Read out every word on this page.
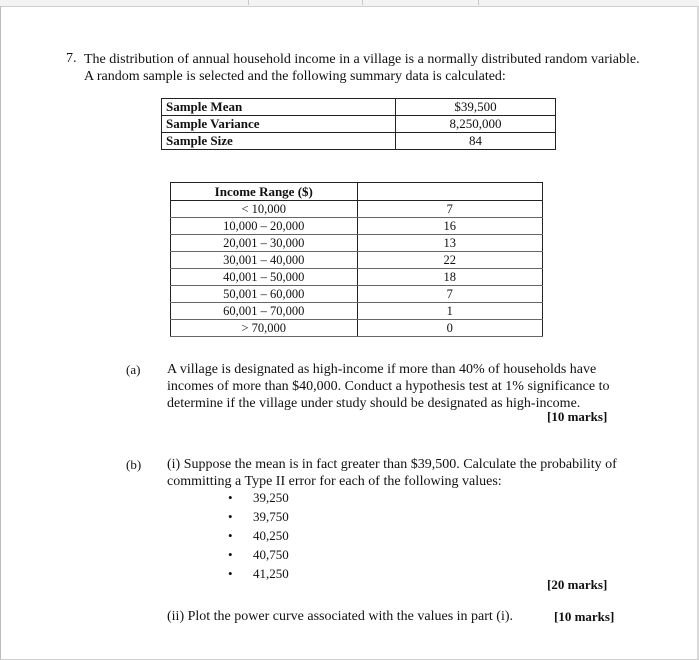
7. The distribution of annual household income in a village is a normally distributed random variable. A random sample is selected and the following summary data is calculated:
Sample Mean	$39,500
Sample Variance	8,250,000
Sample Size	84
Income Range ($)	
< 10,000	7
10,000 – 20,000	16
20,001 – 30,000	13
30,001 – 40,000	22
40,001 – 50,000	18
50,001 – 60,000	7
60,001 – 70,000	1
> 70,000	0
(a) A village is designated as high-income if more than 40% of households have incomes of more than $40,000. Conduct a hypothesis test at 1% significance to determine if the village under study should be designated as high-income.
[10 marks]
(b) (i) Suppose the mean is in fact greater than $39,500. Calculate the probability of committing a Type II error for each of the following values:
• 39,250
• 39,750
• 40,250
• 40,750
• 41,250
[20 marks]
(ii) Plot the power curve associated with the values in part (i).	[10 marks]
